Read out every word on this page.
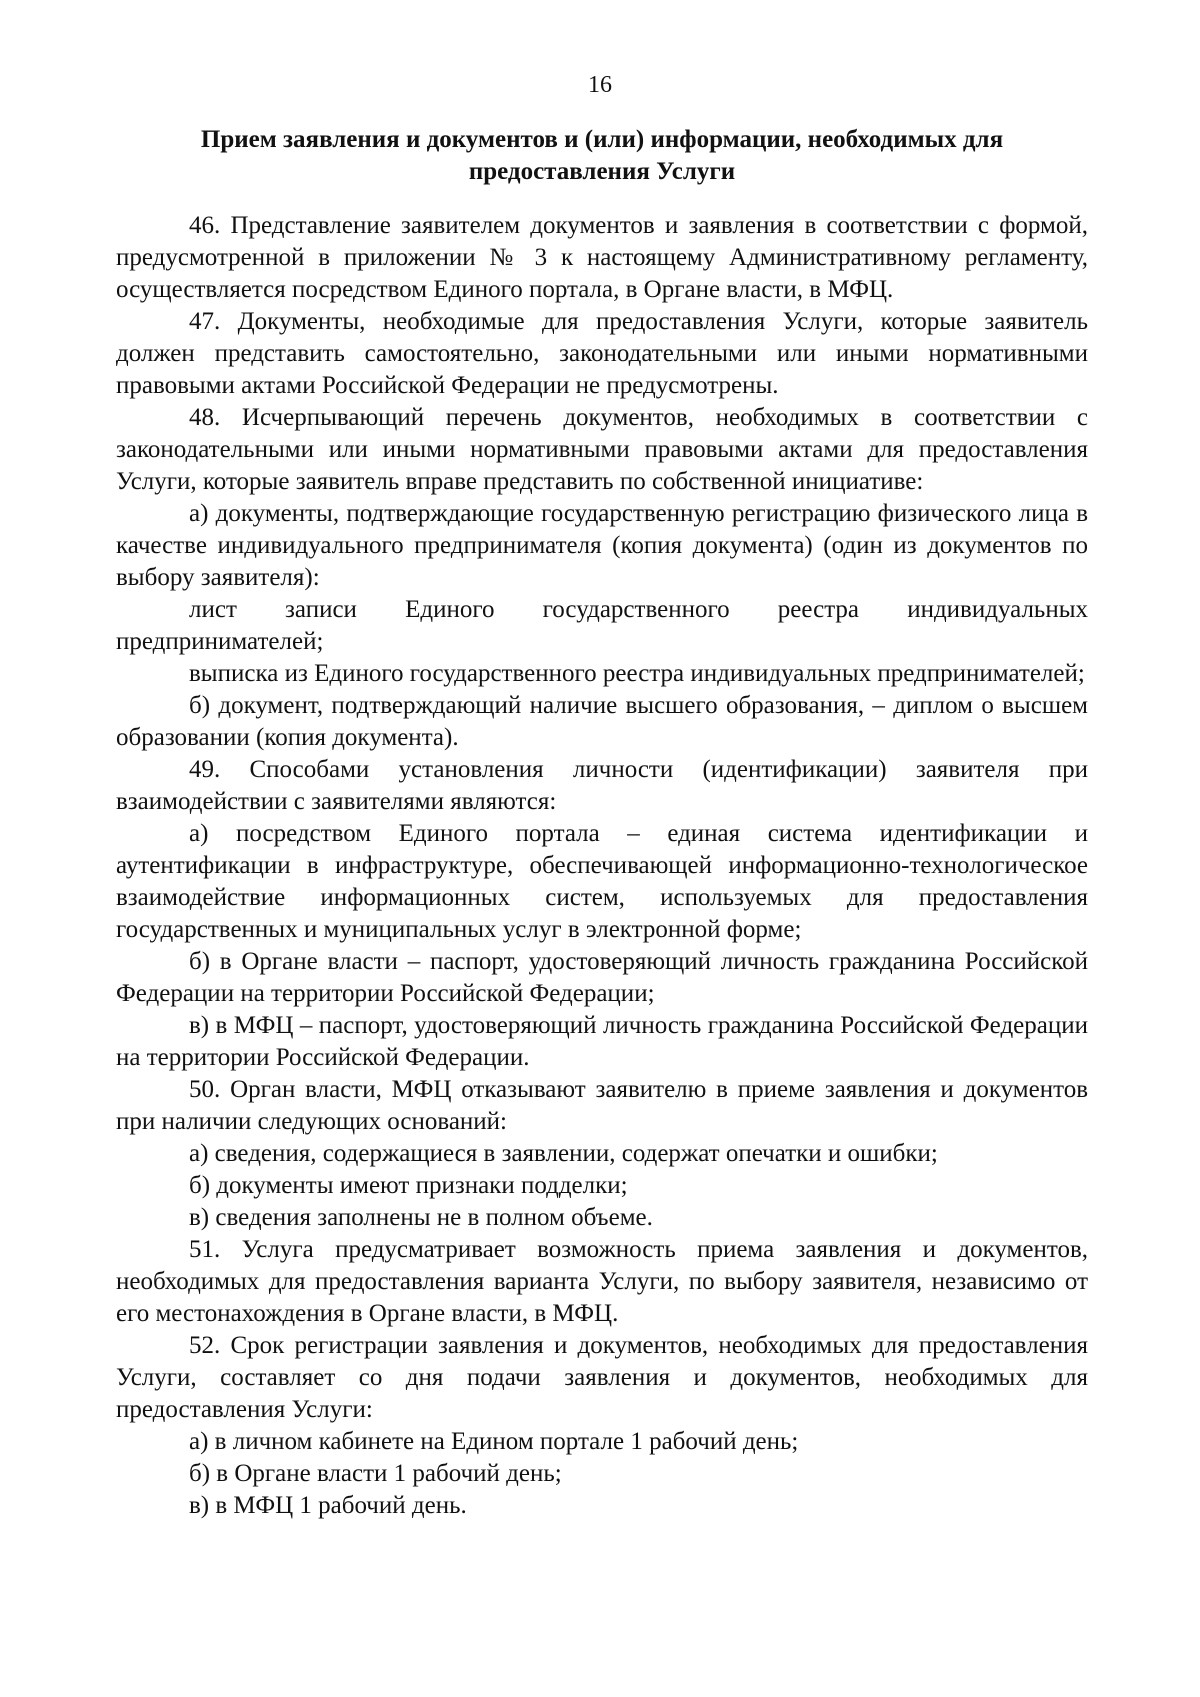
16
Прием заявления и документов и (или) информации, необходимых для предоставления Услуги

46. Представление заявителем документов и заявления в соответствии с формой, предусмотренной в приложении № 3 к настоящему Административному регламенту, осуществляется посредством Единого портала, в Органе власти, в МФЦ.

47. Документы, необходимые для предоставления Услуги, которые заявитель должен представить самостоятельно, законодательными или иными нормативными правовыми актами Российской Федерации не предусмотрены.

48. Исчерпывающий перечень документов, необходимых в соответствии с законодательными или иными нормативными правовыми актами для предоставления Услуги, которые заявитель вправе представить по собственной инициативе:

а) документы, подтверждающие государственную регистрацию физического лица в качестве индивидуального предпринимателя (копия документа) (один из документов по выбору заявителя):

лист записи Единого государственного реестра индивидуальных предпринимателей;

выписка из Единого государственного реестра индивидуальных предпринимателей;

б) документ, подтверждающий наличие высшего образования, – диплом о высшем образовании (копия документа).

49. Способами установления личности (идентификации) заявителя при взаимодействии с заявителями являются:

а) посредством Единого портала – единая система идентификации и аутентификации в инфраструктуре, обеспечивающей информационно-технологическое взаимодействие информационных систем, используемых для предоставления государственных и муниципальных услуг в электронной форме;

б) в Органе власти – паспорт, удостоверяющий личность гражданина Российской Федерации на территории Российской Федерации;

в) в МФЦ – паспорт, удостоверяющий личность гражданина Российской Федерации на территории Российской Федерации.

50. Орган власти, МФЦ отказывают заявителю в приеме заявления и документов при наличии следующих оснований:

а) сведения, содержащиеся в заявлении, содержат опечатки и ошибки;

б) документы имеют признаки подделки;

в) сведения заполнены не в полном объеме.

51. Услуга предусматривает возможность приема заявления и документов, необходимых для предоставления варианта Услуги, по выбору заявителя, независимо от его местонахождения в Органе власти, в МФЦ.

52. Срок регистрации заявления и документов, необходимых для предоставления Услуги, составляет со дня подачи заявления и документов, необходимых для предоставления Услуги:

а) в личном кабинете на Едином портале 1 рабочий день;

б) в Органе власти 1 рабочий день;

в) в МФЦ 1 рабочий день.
